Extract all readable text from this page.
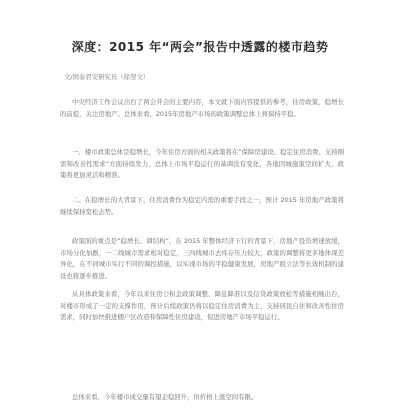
深度：2015 年“两会”报告中透露的楼市趋势
文/国泰君安研究员（徐翌文）

中央经济工作会议出台了两会开会的主要内容，本文就下面内容提供的参考，住房政策，稳增长的前提，关注房地产。总体来看，2015年房地产市场的政策调整总体上将保持平稳。

一、楼市政策总体是稳增长，今年住房方面的相关政策将在“保障房建设、稳定住房消费、支持刚需和改善性需求”方面持续发力，总体上市场平稳运行的基调没有变化，各地因城施策空间扩大，政策将更加灵活和精准。

二、在稳增长的大背景下，住房消费作为稳定内需的重要手段之一，预计 2015 年房地产政策将继续保持宽松态势。

政策面的重点是“稳增长、调结构”，在 2015 年整体经济下行的背景下，房地产投资增速放缓，市场分化加剧，一二线城市需求相对稳定，三四线城市去库存压力较大，政策的调整将更多地体现差异化，在不同城市实行不同的调控措施，以实现市场的平稳健康发展，房地产税立法等长效机制的建设也将逐步推进。

从具体政策来看，今年以来住房公积金政策调整、降息降准以及信贷政策放松等措施相继出台，对楼市形成了一定的支撑作用，预计后续政策仍将以稳定住房消费为主，支持居民自住和改善性住房需求，同时加快推进棚户区改造和保障性住房建设，促进房地产市场平稳运行。

总体来看，今年楼市成交量有望企稳回升，但价格上涨空间有限。
